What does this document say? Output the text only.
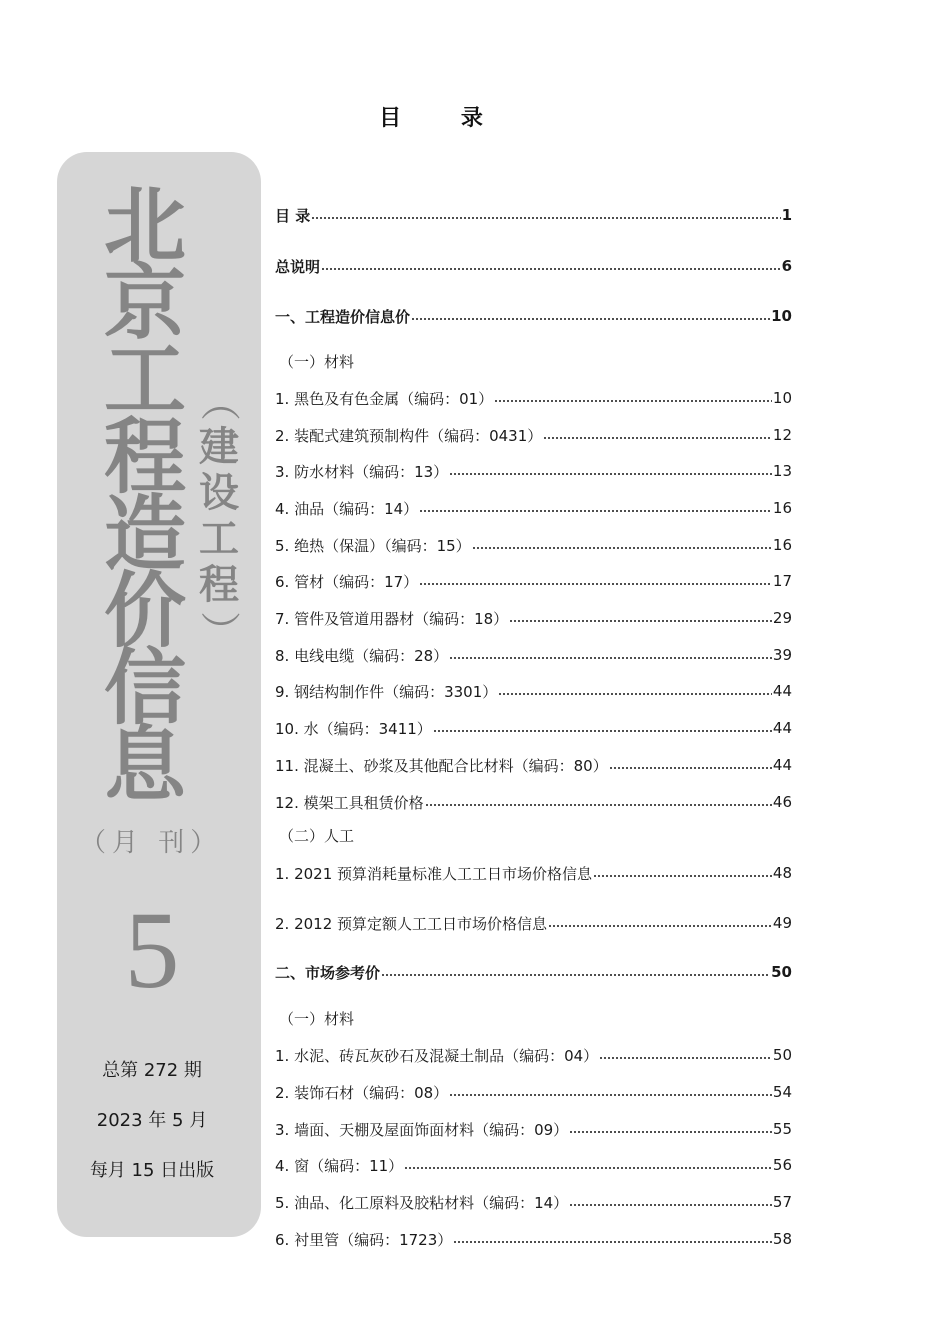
目 录
北
京
工
程
造
价
信
息
（
建
设
工
程
）
（月 刊）
5
总第 272 期
2023 年 5 月
每月 15 日出版
目 录	1
总说明	6
一、工程造价信息价	10
（一）材料
1. 黑色及有色金属（编码：01）	10
2. 装配式建筑预制构件（编码：0431）	12
3. 防水材料（编码：13）	13
4. 油品（编码：14）	16
5. 绝热（保温）（编码：15）	16
6. 管材（编码：17）	17
7. 管件及管道用器材（编码：18）	29
8. 电线电缆（编码：28）	39
9. 钢结构制作件（编码：3301）	44
10. 水（编码：3411）	44
11. 混凝土、砂浆及其他配合比材料（编码：80）	44
12. 模架工具租赁价格	46
（二）人工
1. 2021 预算消耗量标准人工工日市场价格信息	48
2. 2012 预算定额人工工日市场价格信息	49
二、市场参考价	50
（一）材料
1. 水泥、砖瓦灰砂石及混凝土制品（编码：04）	50
2. 装饰石材（编码：08）	54
3. 墙面、天棚及屋面饰面材料（编码：09）	55
4. 窗（编码：11）	56
5. 油品、化工原料及胶粘材料（编码：14）	57
6. 衬里管（编码：1723）	58
